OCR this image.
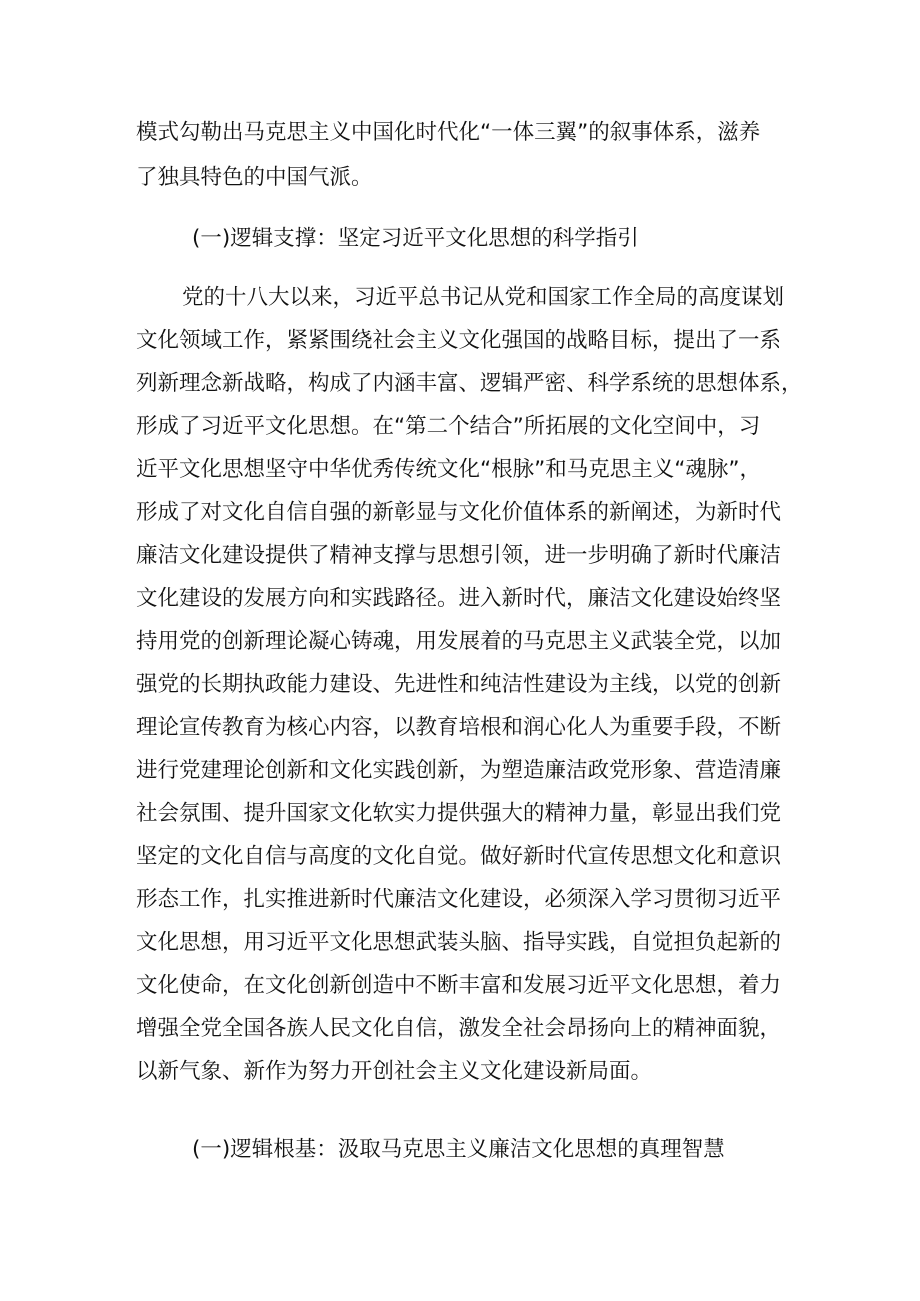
模式勾勒出马克思主义中国化时代化“一体三翼”的叙事体系，滋养
了独具特色的中国气派。
(一)逻辑支撑：坚定习近平文化思想的科学指引
党的十八大以来，习近平总书记从党和国家工作全局的高度谋划
文化领域工作，紧紧围绕社会主义文化强国的战略目标，提出了一系
列新理念新战略，构成了内涵丰富、逻辑严密、科学系统的思想体系，
形成了习近平文化思想。在“第二个结合”所拓展的文化空间中，习
近平文化思想坚守中华优秀传统文化“根脉”和马克思主义“魂脉”，
形成了对文化自信自强的新彰显与文化价值体系的新阐述，为新时代
廉洁文化建设提供了精神支撑与思想引领，进一步明确了新时代廉洁
文化建设的发展方向和实践路径。进入新时代，廉洁文化建设始终坚
持用党的创新理论凝心铸魂，用发展着的马克思主义武装全党，以加
强党的长期执政能力建设、先进性和纯洁性建设为主线，以党的创新
理论宣传教育为核心内容，以教育培根和润心化人为重要手段，不断
进行党建理论创新和文化实践创新，为塑造廉洁政党形象、营造清廉
社会氛围、提升国家文化软实力提供强大的精神力量，彰显出我们党
坚定的文化自信与高度的文化自觉。做好新时代宣传思想文化和意识
形态工作，扎实推进新时代廉洁文化建设，必须深入学习贯彻习近平
文化思想，用习近平文化思想武装头脑、指导实践，自觉担负起新的
文化使命，在文化创新创造中不断丰富和发展习近平文化思想，着力
增强全党全国各族人民文化自信，激发全社会昂扬向上的精神面貌，
以新气象、新作为努力开创社会主义文化建设新局面。
(一)逻辑根基：汲取马克思主义廉洁文化思想的真理智慧
